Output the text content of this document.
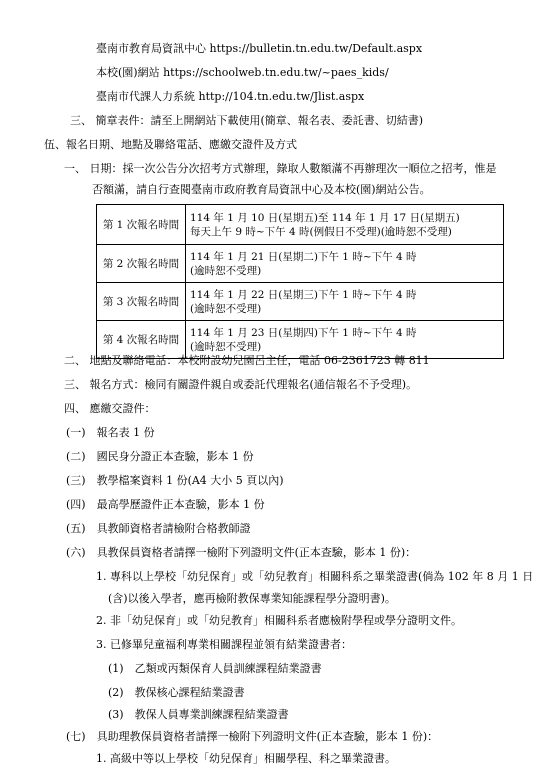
臺南市教育局資訊中心 https://bulletin.tn.edu.tw/Default.aspx
本校(園)網站 https://schoolweb.tn.edu.tw/~paes_kids/
臺南市代課人力系統 http://104.tn.edu.tw/Jlist.aspx
三、 簡章表件：請至上開網站下載使用(簡章、報名表、委託書、切結書)
伍、報名日期、地點及聯絡電話、應繳交證件及方式
一、 日期：採一次公告分次招考方式辦理，錄取人數額滿不再辦理次一順位之招考，惟是
否額滿，請自行查閱臺南市政府教育局資訊中心及本校(園)網站公告。
第 1 次報名時間	114 年 1 月 10 日(星期五)至 114 年 1 月 17 日(星期五)
每天上午 9 時~下午 4 時(例假日不受理)(逾時恕不受理)

第 2 次報名時間	114 年 1 月 21 日(星期二)下午 1 時~下午 4 時
(逾時恕不受理)

第 3 次報名時間	114 年 1 月 22 日(星期三)下午 1 時~下午 4 時
(逾時恕不受理)

第 4 次報名時間	114 年 1 月 23 日(星期四)下午 1 時~下午 4 時
(逾時恕不受理)
二、 地點及聯絡電話：本校附設幼兒園呂主任，電話 06-2361723 轉 811
三、 報名方式：檢同有關證件親自或委託代理報名(通信報名不予受理)。
四、 應繳交證件：
(一)　報名表 1 份
(二)　國民身分證正本查驗，影本 1 份
(三)　教學檔案資料 1 份(A4 大小 5 頁以內)
(四)　最高學歷證件正本查驗，影本 1 份
(五)　具教師資格者請檢附合格教師證
(六)　具教保員資格者請擇一檢附下列證明文件(正本查驗，影本 1 份)：
1. 專科以上學校「幼兒保育」或「幼兒教育」相關科系之畢業證書(倘為 102 年 8 月 1 日
(含)以後入學者，應再檢附教保專業知能課程學分證明書)。
2. 非「幼兒保育」或「幼兒教育」相關科系者應檢附學程或學分證明文件。
3. 已修畢兒童福利專業相關課程並領有結業證書者：
(1)　乙類或丙類保育人員訓練課程結業證書
(2)　教保核心課程結業證書
(3)　教保人員專業訓練課程結業證書
(七)　具助理教保員資格者請擇一檢附下列證明文件(正本查驗，影本 1 份)：
1. 高級中等以上學校「幼兒保育」相關學程、科之畢業證書。
